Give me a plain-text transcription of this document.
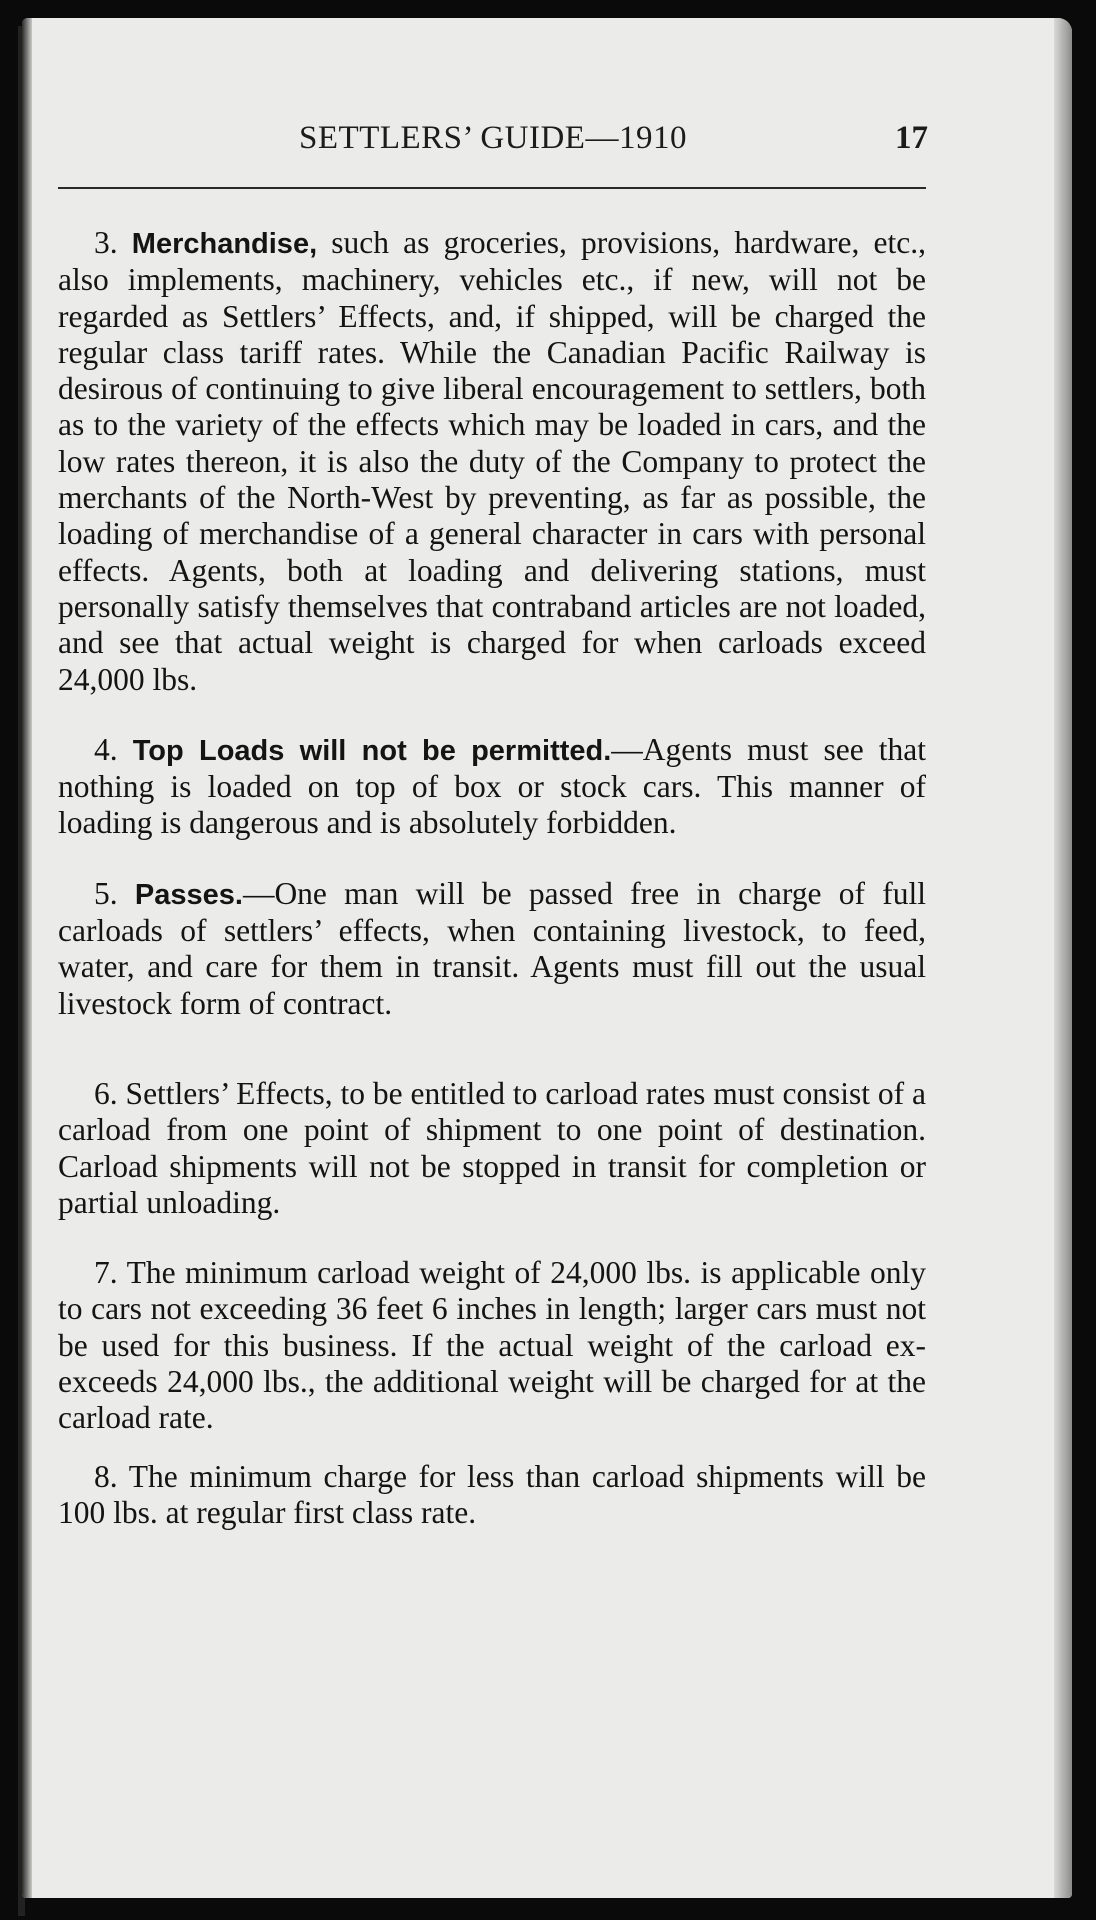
SETTLERS’ GUIDE—1910	17

3. Merchandise, such as groceries, provisions, hardware, etc., also implements, machinery, vehicles etc., if new, will not be regarded as Settlers’ Effects, and, if shipped, will be charged the regular class tariff rates. While the Canadian Pacific Railway is desirous of continuing to give liberal encouragement to settlers, both as to the variety of the effects which may be loaded in cars, and the low rates thereon, it is also the duty of the Company to protect the merchants of the North-West by preventing, as far as possible, the loading of merchandise of a general character in cars with personal effects. Agents, both at loading and delivering stations, must personally satisfy themselves that contraband articles are not loaded, and see that actual weight is charged for when carloads exceed 24,000 lbs.

4. Top Loads will not be permitted.—Agents must see that nothing is loaded on top of box or stock cars. This manner of loading is dangerous and is absolutely forbidden.

5. Passes.—One man will be passed free in charge of full carloads of settlers’ effects, when containing livestock, to feed, water, and care for them in transit. Agents must fill out the usual livestock form of contract.

6. Settlers’ Effects, to be entitled to carload rates must consist of a carload from one point of shipment to one point of destination. Carload shipments will not be stopped in transit for completion or partial unloading.

7. The minimum carload weight of 24,000 lbs. is applicable only to cars not exceeding 36 feet 6 inches in length; larger cars must not be used for this business. If the actual weight of the carload exexceeds 24,000 lbs., the additional weight will be charged for at the carload rate.

8. The minimum charge for less than carload shipments will be 100 lbs. at regular first class rate.
